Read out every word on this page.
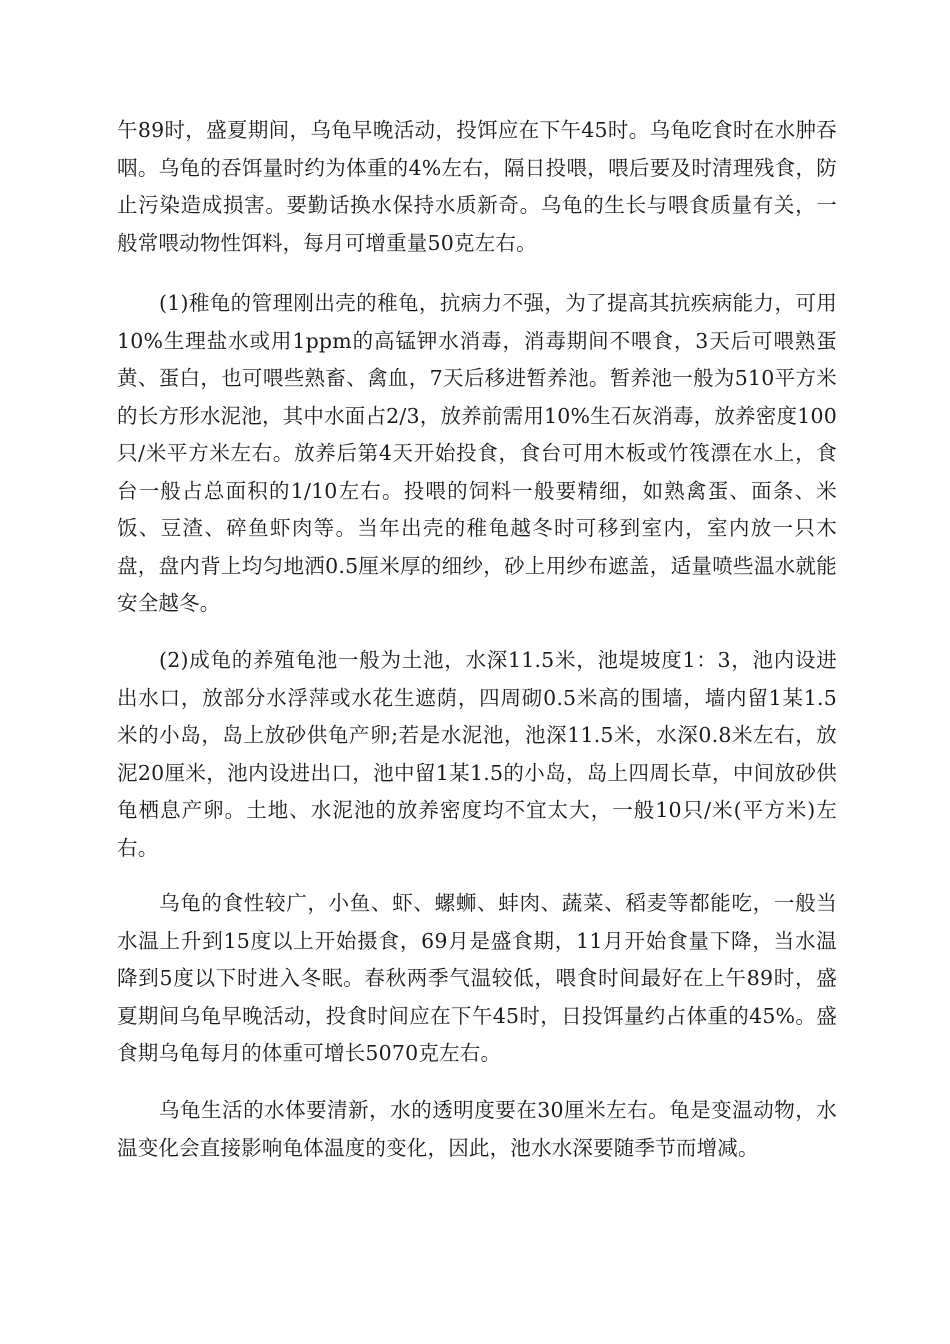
午89时，盛夏期间，乌龟早晚活动，投饵应在下午45时。乌龟吃食时在水肿吞咽。乌龟的吞饵量时约为体重的4%左右，隔日投喂，喂后要及时清理残食，防止污染造成损害。要勤话换水保持水质新奇。乌龟的生长与喂食质量有关，一般常喂动物性饵料，每月可增重量50克左右。

(1)稚龟的管理刚出壳的稚龟，抗病力不强，为了提高其抗疾病能力，可用10%生理盐水或用1ppm的高锰钾水消毒，消毒期间不喂食，3天后可喂熟蛋黄、蛋白，也可喂些熟畜、禽血，7天后移进暂养池。暂养池一般为510平方米的长方形水泥池，其中水面占2/3，放养前需用10%生石灰消毒，放养密度100只/米平方米左右。放养后第4天开始投食，食台可用木板或竹筏漂在水上，食台一般占总面积的1/10左右。投喂的饲料一般要精细，如熟禽蛋、面条、米饭、豆渣、碎鱼虾肉等。当年出壳的稚龟越冬时可移到室内，室内放一只木盘，盘内背上均匀地洒0.5厘米厚的细纱，砂上用纱布遮盖，适量喷些温水就能安全越冬。

(2)成龟的养殖龟池一般为土池，水深11.5米，池堤坡度1：3，池内设进出水口，放部分水浮萍或水花生遮荫，四周砌0.5米高的围墙，墙内留1某1.5米的小岛，岛上放砂供龟产卵;若是水泥池，池深11.5米，水深0.8米左右，放泥20厘米，池内设进出口，池中留1某1.5的小岛，岛上四周长草，中间放砂供龟栖息产卵。土地、水泥池的放养密度均不宜太大，一般10只/米(平方米)左右。

乌龟的食性较广，小鱼、虾、螺蛳、蚌肉、蔬菜、稻麦等都能吃，一般当水温上升到15度以上开始摄食，69月是盛食期，11月开始食量下降，当水温降到5度以下时进入冬眠。春秋两季气温较低，喂食时间最好在上午89时，盛夏期间乌龟早晚活动，投食时间应在下午45时，日投饵量约占体重的45%。盛食期乌龟每月的体重可增长5070克左右。

乌龟生活的水体要清新，水的透明度要在30厘米左右。龟是变温动物，水温变化会直接影响龟体温度的变化，因此，池水水深要随季节而增减。
